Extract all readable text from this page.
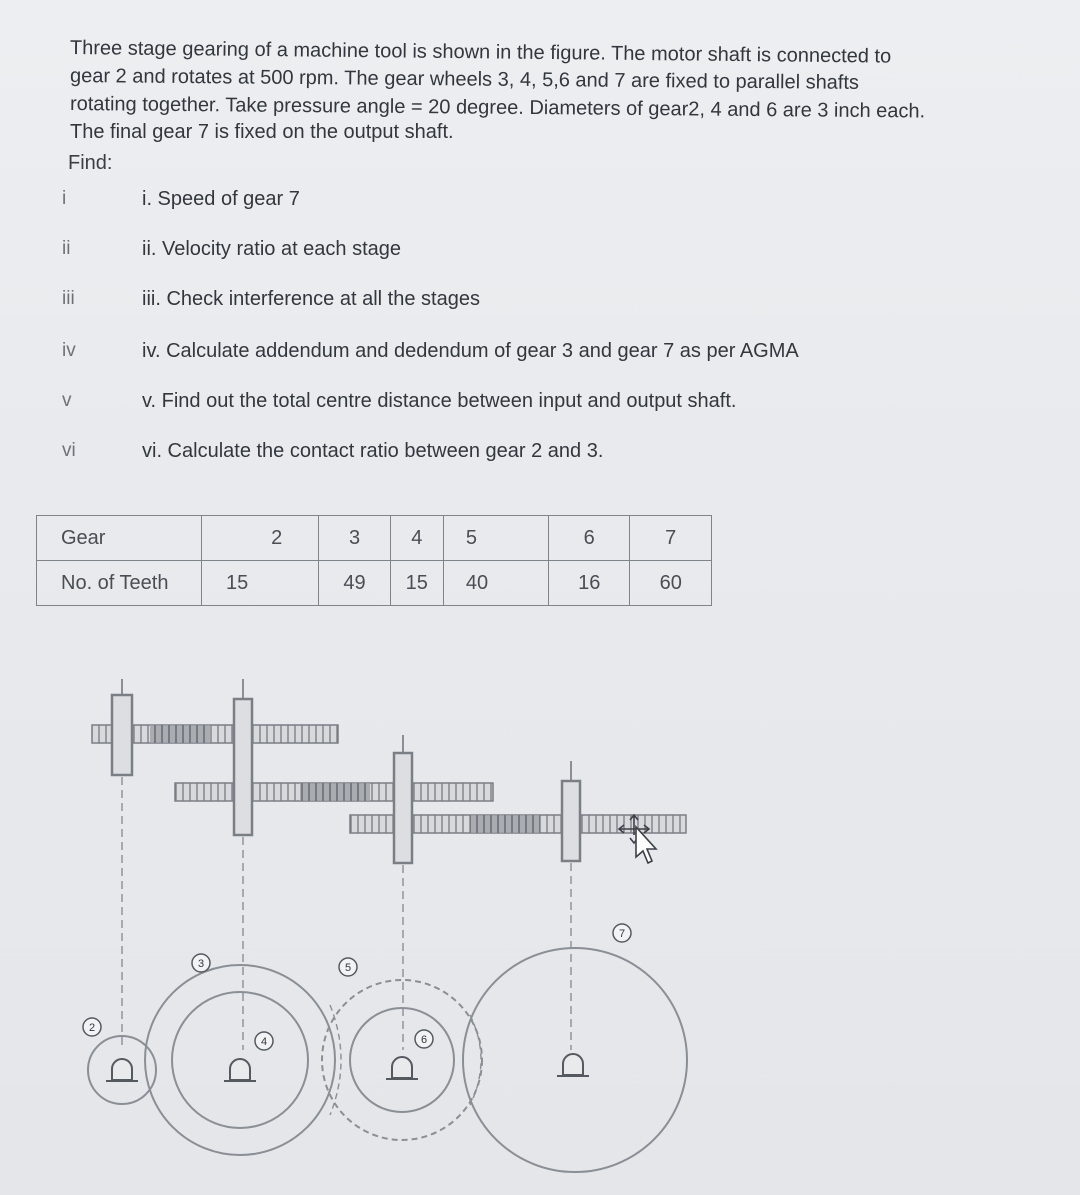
Three stage gearing of a machine tool is shown in the figure. The motor shaft is connected to

gear 2 and rotates at 500 rpm. The gear wheels 3, 4, 5,6 and 7 are fixed to parallel shafts

rotating together. Take pressure angle = 20 degree. Diameters of gear2, 4 and 6 are 3 inch each.

The final gear 7 is fixed on the output shaft.

Find:
i	i. Speed of gear 7
ii	ii. Velocity ratio at each stage
iii	iii. Check interference at all the stages
iv	iv. Calculate addendum and dedendum of gear 3 and gear 7 as per AGMA
v	v. Find out the total centre distance between input and output shaft.
vi	vi. Calculate the contact ratio between gear 2 and 3.
Gear	2	3	4	5	6	7
No. of Teeth	15	49	15	40	16	60
2
3
4
5
6
7
